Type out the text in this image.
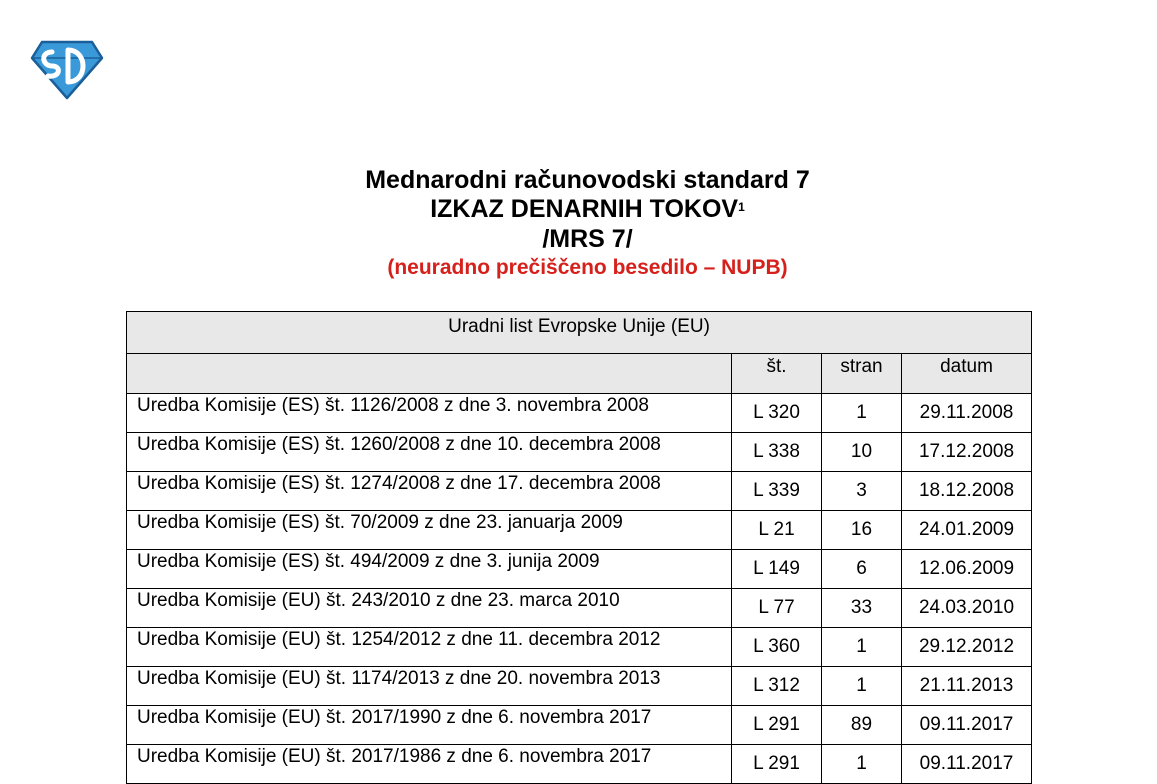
Mednarodni računovodski standard 7
IZKAZ DENARNIH TOKOV$^1$
/MRS 7/
(neuradno prečiščeno besedilo – NUPB)
Uradni list Evropske Unije (EU)			
	št.	stran	datum
Uredba Komisije (ES) št. 1126/2008 z dne 3. novembra 2008	L 320	1	29.11.2008
Uredba Komisije (ES) št. 1260/2008 z dne 10. decembra 2008	L 338	10	17.12.2008
Uredba Komisije (ES) št. 1274/2008 z dne 17. decembra 2008	L 339	3	18.12.2008
Uredba Komisije (ES) št. 70/2009 z dne 23. januarja 2009	L 21	16	24.01.2009
Uredba Komisije (ES) št. 494/2009 z dne 3. junija 2009	L 149	6	12.06.2009
Uredba Komisije (EU) št. 243/2010 z dne 23. marca 2010	L 77	33	24.03.2010
Uredba Komisije (EU) št. 1254/2012 z dne 11. decembra 2012	L 360	1	29.12.2012
Uredba Komisije (EU) št. 1174/2013 z dne 20. novembra 2013	L 312	1	21.11.2013
Uredba Komisije (EU) št. 2017/1990 z dne 6. novembra 2017	L 291	89	09.11.2017
Uredba Komisije (EU) št. 2017/1986 z dne 6. novembra 2017	L 291	1	09.11.2017
